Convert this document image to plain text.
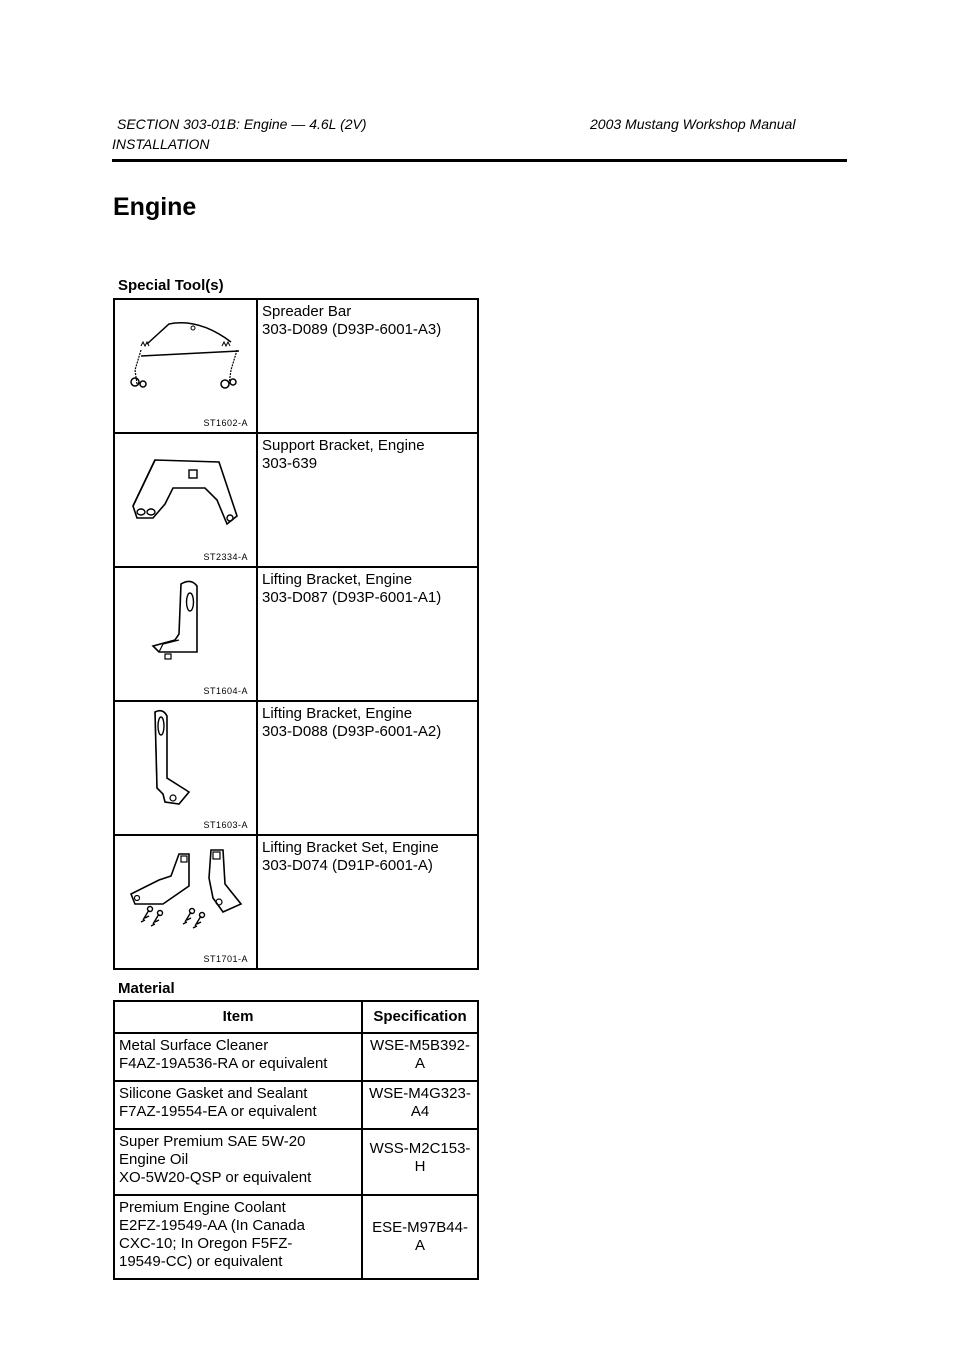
SECTION 303-01B: Engine — 4.6L (2V)	2003 Mustang Workshop Manual
INSTALLATION
Engine
Special Tool(s)
ST1602-A	Spreader Bar
303-D089 (D93P-6001-A3)

ST2334-A	Support Bracket, Engine
303-639

ST1604-A	Lifting Bracket, Engine
303-D087 (D93P-6001-A1)

ST1603-A	Lifting Bracket, Engine
303-D088 (D93P-6001-A2)

ST1701-A	Lifting Bracket Set, Engine
303-D074 (D91P-6001-A)
Material
Item	Specification

Metal Surface Cleaner
F4AZ-19A536-RA or equivalent	WSE-M5B392-
A

Silicone Gasket and Sealant
F7AZ-19554-EA or equivalent	WSE-M4G323-
A4

Super Premium SAE 5W-20
Engine Oil
XO-5W20-QSP or equivalent	WSS-M2C153-
H

Premium Engine Coolant
E2FZ-19549-AA (In Canada
CXC-10; In Oregon F5FZ-
19549-CC) or equivalent	ESE-M97B44-
A
